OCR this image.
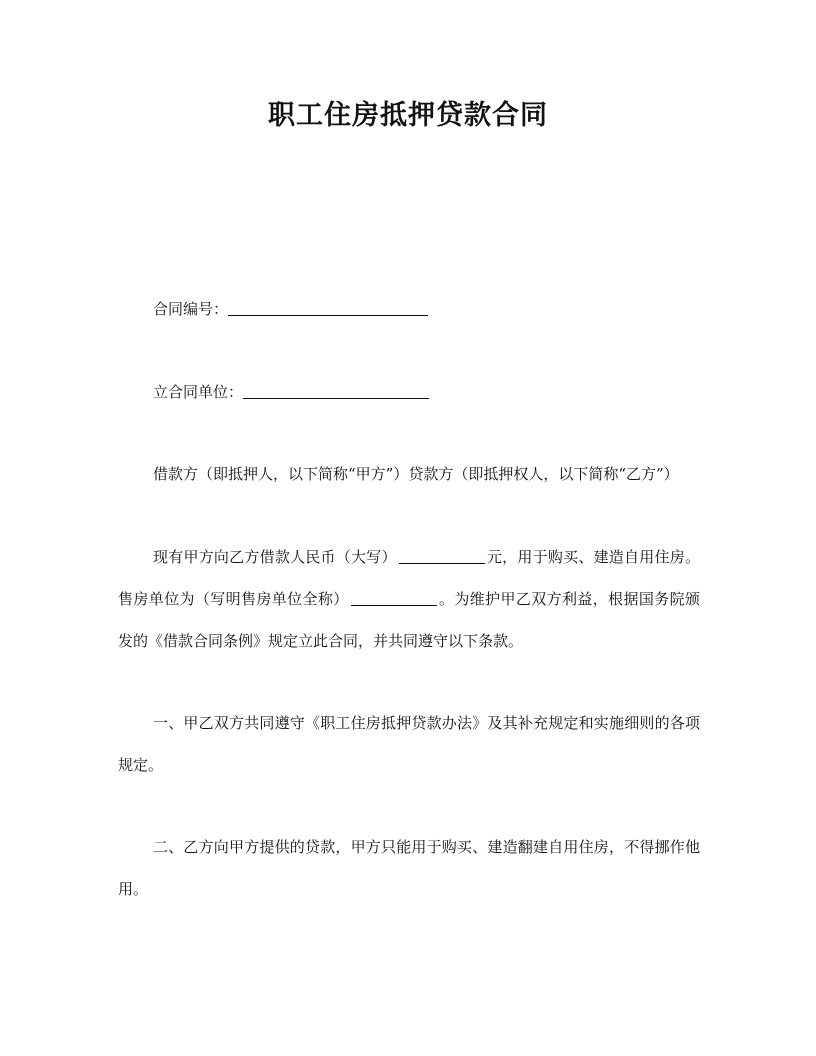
职工住房抵押贷款合同
合同编号：
立合同单位：

借款方（即抵押人，以下简称“甲方”）贷款方（即抵押权人，以下简称“乙方”）

现有甲方向乙方借款人民币（大写）	元，用于购买、建造自用住房。售房单位为（写明售房单位全称）	。为维护甲乙双方利益，根据国务院颁发的《借款合同条例》规定立此合同，并共同遵守以下条款。

一、甲乙双方共同遵守《职工住房抵押贷款办法》及其补充规定和实施细则的各项规定。

二、乙方向甲方提供的贷款，甲方只能用于购买、建造翻建自用住房，不得挪作他用。
